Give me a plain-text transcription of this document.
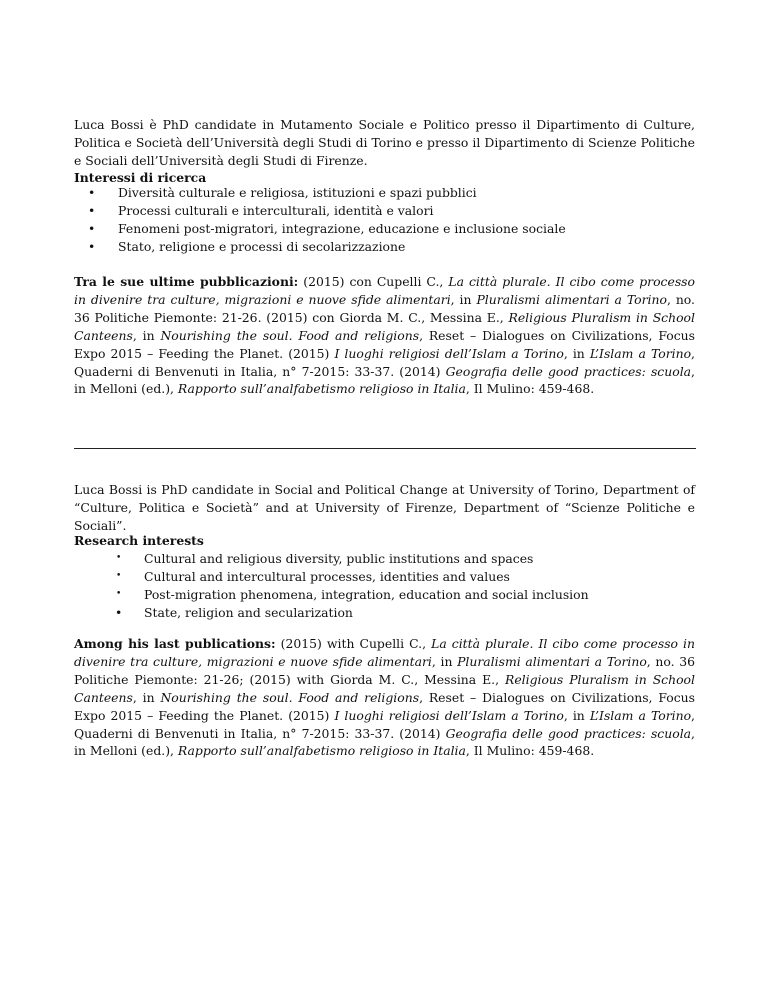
Luca Bossi è PhD candidate in Mutamento Sociale e Politico presso il Dipartimento di Culture, Politica e Società dell’Università degli Studi di Torino e presso il Dipartimento di Scienze Politiche e Sociali dell’Università degli Studi di Firenze.

Interessi di ricerca
• Diversità culturale e religiosa, istituzioni e spazi pubblici
• Processi culturali e interculturali, identità e valori
• Fenomeni post-migratori, integrazione, educazione e inclusione sociale
• Stato, religione e processi di secolarizzazione

Tra le sue ultime pubblicazioni: (2015) con Cupelli C., La città plurale. Il cibo come processo in divenire tra culture, migrazioni e nuove sfide alimentari, in Pluralismi alimentari a Torino, no. 36 Politiche Piemonte: 21-26. (2015) con Giorda M. C., Messina E., Religious Pluralism in School Canteens, in Nourishing the soul. Food and religions, Reset – Dialogues on Civilizations, Focus Expo 2015 – Feeding the Planet. (2015) I luoghi religiosi dell’Islam a Torino, in L’Islam a Torino, Quaderni di Benvenuti in Italia, n° 7-2015: 33-37. (2014) Geografia delle good practices: scuola, in Melloni (ed.), Rapporto sull’analfabetismo religioso in Italia, Il Mulino: 459-468.

Luca Bossi is PhD candidate in Social and Political Change at University of Torino, Department of “Culture, Politica e Società” and at University of Firenze, Department of “Scienze Politiche e Sociali”.

Research interests
• Cultural and religious diversity, public institutions and spaces
• Cultural and intercultural processes, identities and values
• Post-migration phenomena, integration, education and social inclusion
• State, religion and secularization

Among his last publications: (2015) with Cupelli C., La città plurale. Il cibo come processo in divenire tra culture, migrazioni e nuove sfide alimentari, in Pluralismi alimentari a Torino, no. 36 Politiche Piemonte: 21-26; (2015) with Giorda M. C., Messina E., Religious Pluralism in School Canteens, in Nourishing the soul. Food and religions, Reset – Dialogues on Civilizations, Focus Expo 2015 – Feeding the Planet. (2015) I luoghi religiosi dell’Islam a Torino, in L’Islam a Torino, Quaderni di Benvenuti in Italia, n° 7-2015: 33-37. (2014) Geografia delle good practices: scuola, in Melloni (ed.), Rapporto sull’analfabetismo religioso in Italia, Il Mulino: 459-468.
